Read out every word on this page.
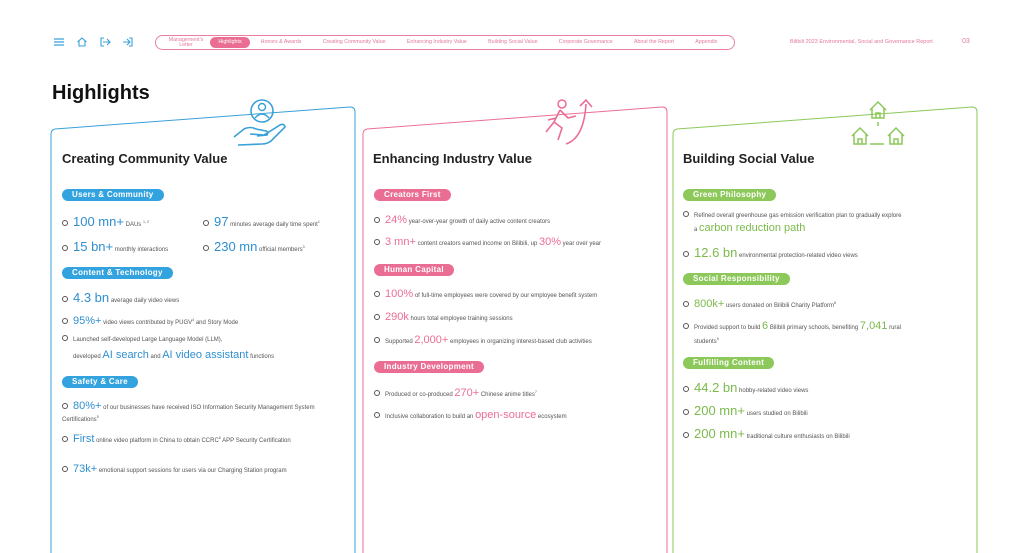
Management's Letter	Highlights	Honors & Awards	Creating Community Value	Enhancing Industry Value	Building Social Value	Corporate Governance	About the Report	Appendix	Bilibili 2023 Environmental, Social and Governance Report	03
Highlights
Creating Community Value
Users & Community
100 mn+ DAUs $^{1, 2}$	97 minutes average daily time spent$^1$
15 bn+ monthly interactions	230 mn official members$^3$
Content & Technology
4.3 bn average daily video views
95%+ video views contributed by PUGV$^4$ and Story Mode
Launched self-developed Large Language Model (LLM),
developed AI search and AI video assistant functions
Safety & Care
80%+ of our businesses have received ISO Information Security Management System Certifications$^5$
First online video platform in China to obtain CCRC$^6$ APP Security Certification
73k+ emotional support sessions for users via our Charging Station program
Enhancing Industry Value
Creators First
24% year-over-year growth of daily active content creators
3 mn+ content creators earned income on Bilibili, up 30% year over year
Human Capital
100% of full-time employees were covered by our employee benefit system
290k hours total employee training sessions
Supported 2,000+ employees in organizing interest-based club activities
Industry Development
Produced or co-produced 270+ Chinese anime titles$^7$
Inclusive collaboration to build an open-source ecosystem
Building Social Value
Green Philosophy
Refined overall greenhouse gas emission verification plan to gradually explore
a carbon reduction path
12.6 bn environmental protection-related video views
Social Responsibility
800k+ users donated on Bilibili Charity Platform$^8$
Provided support to build 6 Bilibili primary schools, benefiting 7,041 rural
students$^9$
Fulfilling Content
44.2 bn hobby-related video views
200 mn+ users studied on Bilibili
200 mn+ traditional culture enthusiasts on Bilibili
